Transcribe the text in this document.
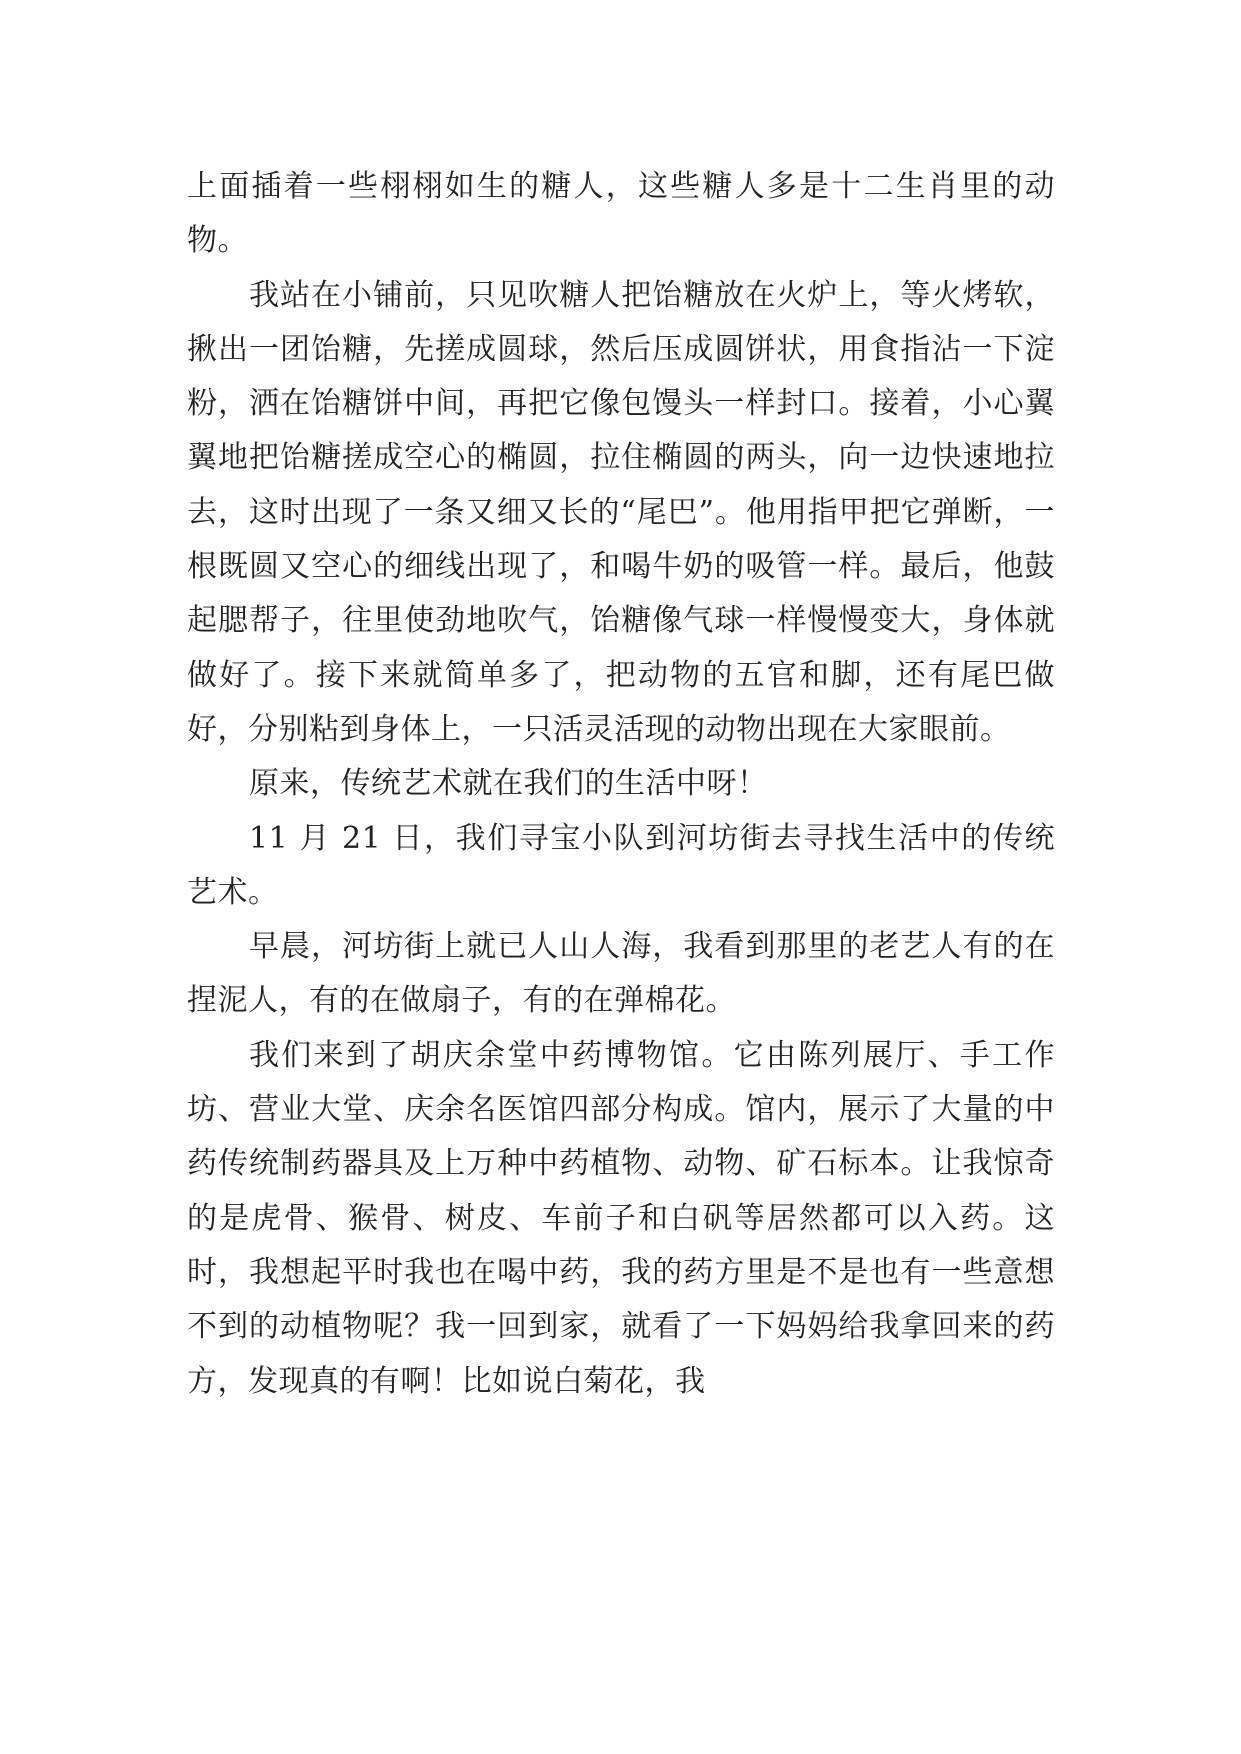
上面插着一些栩栩如生的糖人，这些糖人多是十二生肖里的动物。

我站在小铺前，只见吹糖人把饴糖放在火炉上，等火烤软，揪出一团饴糖，先搓成圆球，然后压成圆饼状，用食指沾一下淀粉，洒在饴糖饼中间，再把它像包馒头一样封口。接着，小心翼翼地把饴糖搓成空心的椭圆，拉住椭圆的两头，向一边快速地拉去，这时出现了一条又细又长的“尾巴”。他用指甲把它弹断，一根既圆又空心的细线出现了，和喝牛奶的吸管一样。最后，他鼓起腮帮子，往里使劲地吹气，饴糖像气球一样慢慢变大，身体就做好了。接下来就简单多了，把动物的五官和脚，还有尾巴做好，分别粘到身体上，一只活灵活现的动物出现在大家眼前。

原来，传统艺术就在我们的生活中呀！

11 月 21 日，我们寻宝小队到河坊街去寻找生活中的传统艺术。

早晨，河坊街上就已人山人海，我看到那里的老艺人有的在捏泥人，有的在做扇子，有的在弹棉花。

我们来到了胡庆余堂中药博物馆。它由陈列展厅、手工作坊、营业大堂、庆余名医馆四部分构成。馆内，展示了大量的中药传统制药器具及上万种中药植物、动物、矿石标本。让我惊奇的是虎骨、猴骨、树皮、车前子和白矾等居然都可以入药。这时，我想起平时我也在喝中药，我的药方里是不是也有一些意想不到的动植物呢？我一回到家，就看了一下妈妈给我拿回来的药方，发现真的有啊！比如说白菊花，我
